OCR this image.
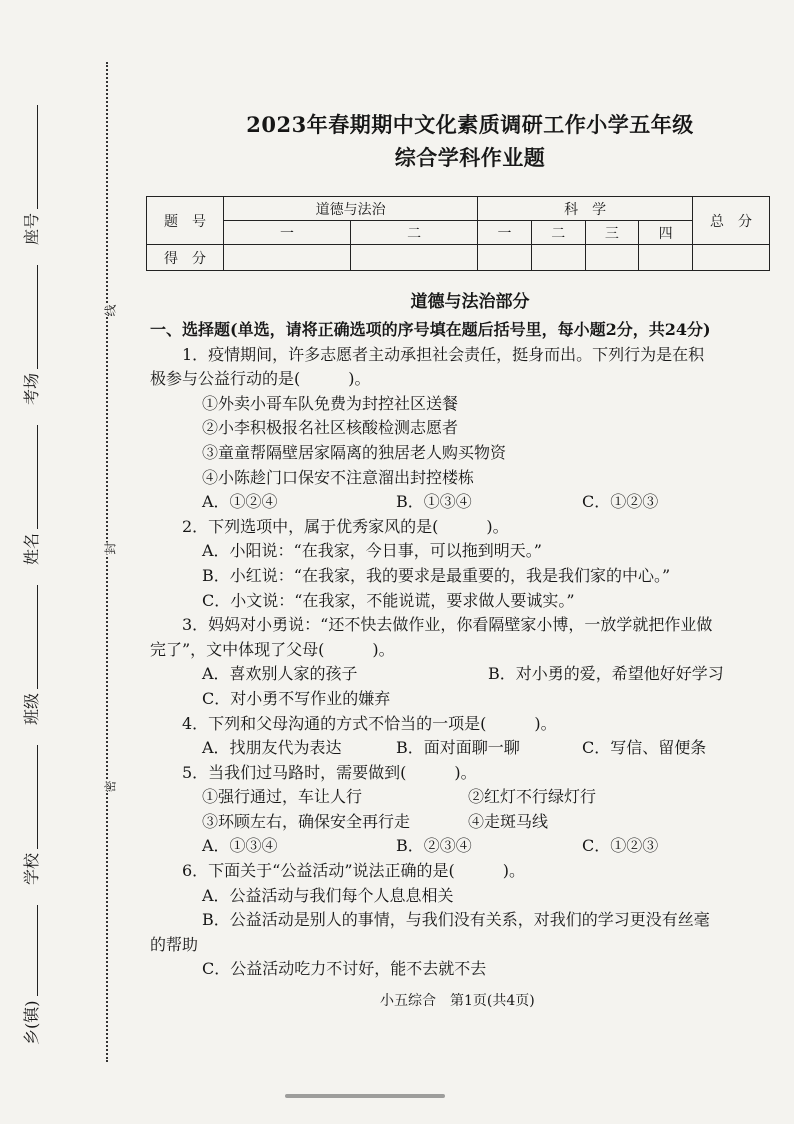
线
封
密
座号
考场
姓名
班级
学校
乡(镇)
2023年春期期中文化素质调研工作小学五年级
综合学科作业题
题　号	道德与法治		科　学				总　分
	一	二	一	二	三	四	
得　分							
道德与法治部分

一、选择题(单选，请将正确选项的序号填在题后括号里，每小题2分，共24分)

1．疫情期间，许多志愿者主动承担社会责任，挺身而出。下列行为是在积

极参与公益行动的是(　　　)。

①外卖小哥车队免费为封控社区送餐

②小李积极报名社区核酸检测志愿者

③童童帮隔壁居家隔离的独居老人购买物资

④小陈趁门口保安不注意溜出封控楼栋

A．①②④	B．①③④	C．①②③

2．下列选项中，属于优秀家风的是(　　　)。

A．小阳说：“在我家，今日事，可以拖到明天。”

B．小红说：“在我家，我的要求是最重要的，我是我们家的中心。”

C．小文说：“在我家，不能说谎，要求做人要诚实。”

3．妈妈对小勇说：“还不快去做作业，你看隔壁家小博，一放学就把作业做

完了”，文中体现了父母(　　　)。

A．喜欢别人家的孩子	B．对小勇的爱，希望他好好学习

C．对小勇不写作业的嫌弃

4．下列和父母沟通的方式不恰当的一项是(　　　)。

A．找朋友代为表达	B．面对面聊一聊	C．写信、留便条

5．当我们过马路时，需要做到(　　　)。

①强行通过，车让人行	②红灯不行绿灯行
③环顾左右，确保安全再行走	④走斑马线
A．①③④	B．②③④	C．①②③

6．下面关于“公益活动”说法正确的是(　　　)。

A．公益活动与我们每个人息息相关

B．公益活动是别人的事情，与我们没有关系，对我们的学习更没有丝毫

的帮助

C．公益活动吃力不讨好，能不去就不去

小五综合　第1页(共4页)
